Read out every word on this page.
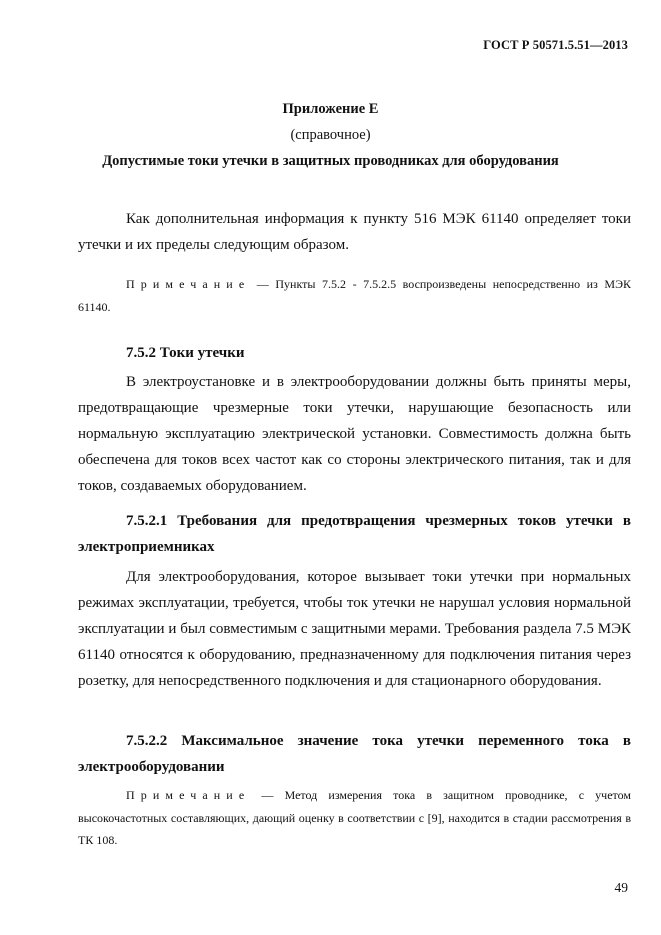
ГОСТ Р 50571.5.51—2013
Приложение Е
(справочное)
Допустимые токи утечки в защитных проводниках для оборудования
Как дополнительная информация к пункту 516 МЭК 61140 определяет токи утечки и их пределы следующим образом.
Примечание — Пункты 7.5.2 - 7.5.2.5 воспроизведены непосредственно из МЭК 61140.
7.5.2 Токи утечки
В электроустановке и в электрооборудовании должны быть приняты меры, предотвращающие чрезмерные токи утечки, нарушающие безопасность или нормальную эксплуатацию электрической установки. Совместимость должна быть обеспечена для токов всех частот как со стороны электрического питания, так и для токов, создаваемых оборудованием.
7.5.2.1 Требования для предотвращения чрезмерных токов утечки в электроприемниках
Для электрооборудования, которое вызывает токи утечки при нормальных режимах эксплуатации, требуется, чтобы ток утечки не нарушал условия нормальной эксплуатации и был совместимым с защитными мерами. Требования раздела 7.5 МЭК 61140 относятся к оборудованию, предназначенному для подключения питания через розетку, для непосредственного подключения и для стационарного оборудования.
7.5.2.2 Максимальное значение тока утечки переменного тока в электрооборудовании
Примечание — Метод измерения тока в защитном проводнике, с учетом высокочастотных составляющих, дающий оценку в соответствии с [9], находится в стадии рассмотрения в ТК 108.
49
